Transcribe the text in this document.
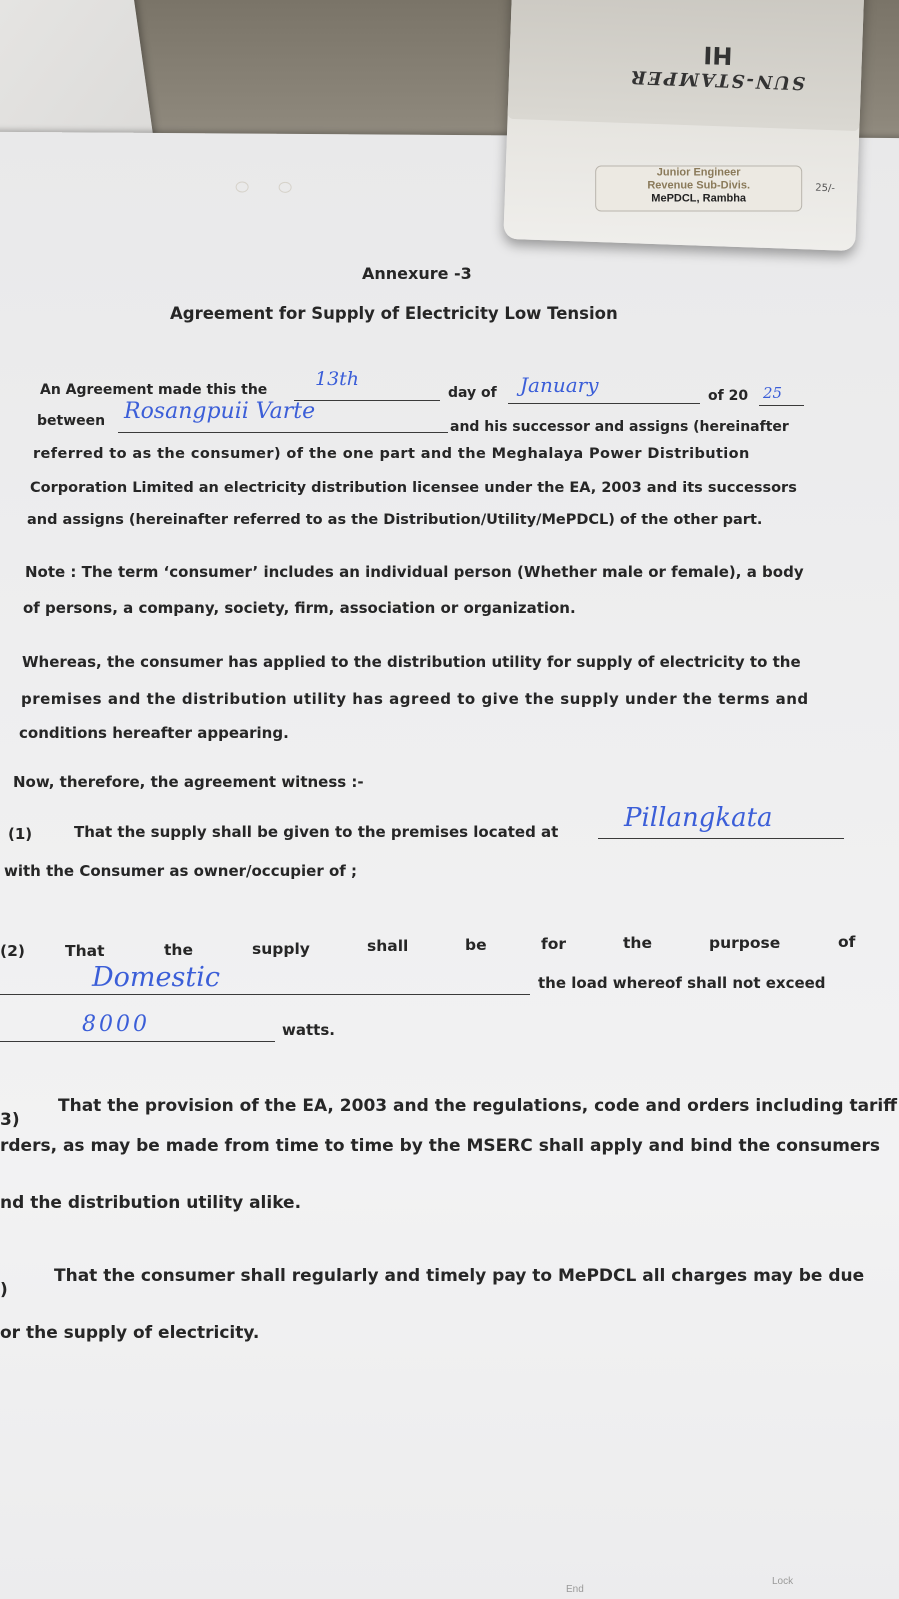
SUN-STAMPER
HI
Junior Engineer
Revenue Sub-Divis.
MePDCL, Rambha
25/-
Annexure -3
Agreement for Supply of Electricity Low Tension
An Agreement made this the	13th
day of January	of 20 25
between Rosangpuii Varte
and his successor and assigns (hereinafter
referred to as the consumer) of the one part and the Meghalaya Power Distribution
Corporation Limited an electricity distribution licensee under the EA, 2003 and its successors
and assigns (hereinafter referred to as the Distribution/Utility/MePDCL) of the other part.
Note : The term ‘consumer’ includes an individual person (Whether male or female), a body
of persons, a company, society, firm, association or organization.
Whereas, the consumer has applied to the distribution utility for supply of electricity to the
premises and the distribution utility has agreed to give the supply under the terms and
conditions hereafter appearing.
Now, therefore, the agreement witness :-
(1)	That the supply shall be given to the premises located at	Pillangkata
with the Consumer as owner/occupier of ;
(2)	That	the	supply	shall	be	for	the	purpose	of
Domestic	the load whereof shall not exceed
8000	watts.
3)
That the provision of the EA, 2003 and the regulations, code and orders including tariff
rders, as may be made from time to time by the MSERC shall apply and bind the consumers
nd the distribution utility alike.
)
That the consumer shall regularly and timely pay to MePDCL all charges may be due
or the supply of electricity.
End
Lock
